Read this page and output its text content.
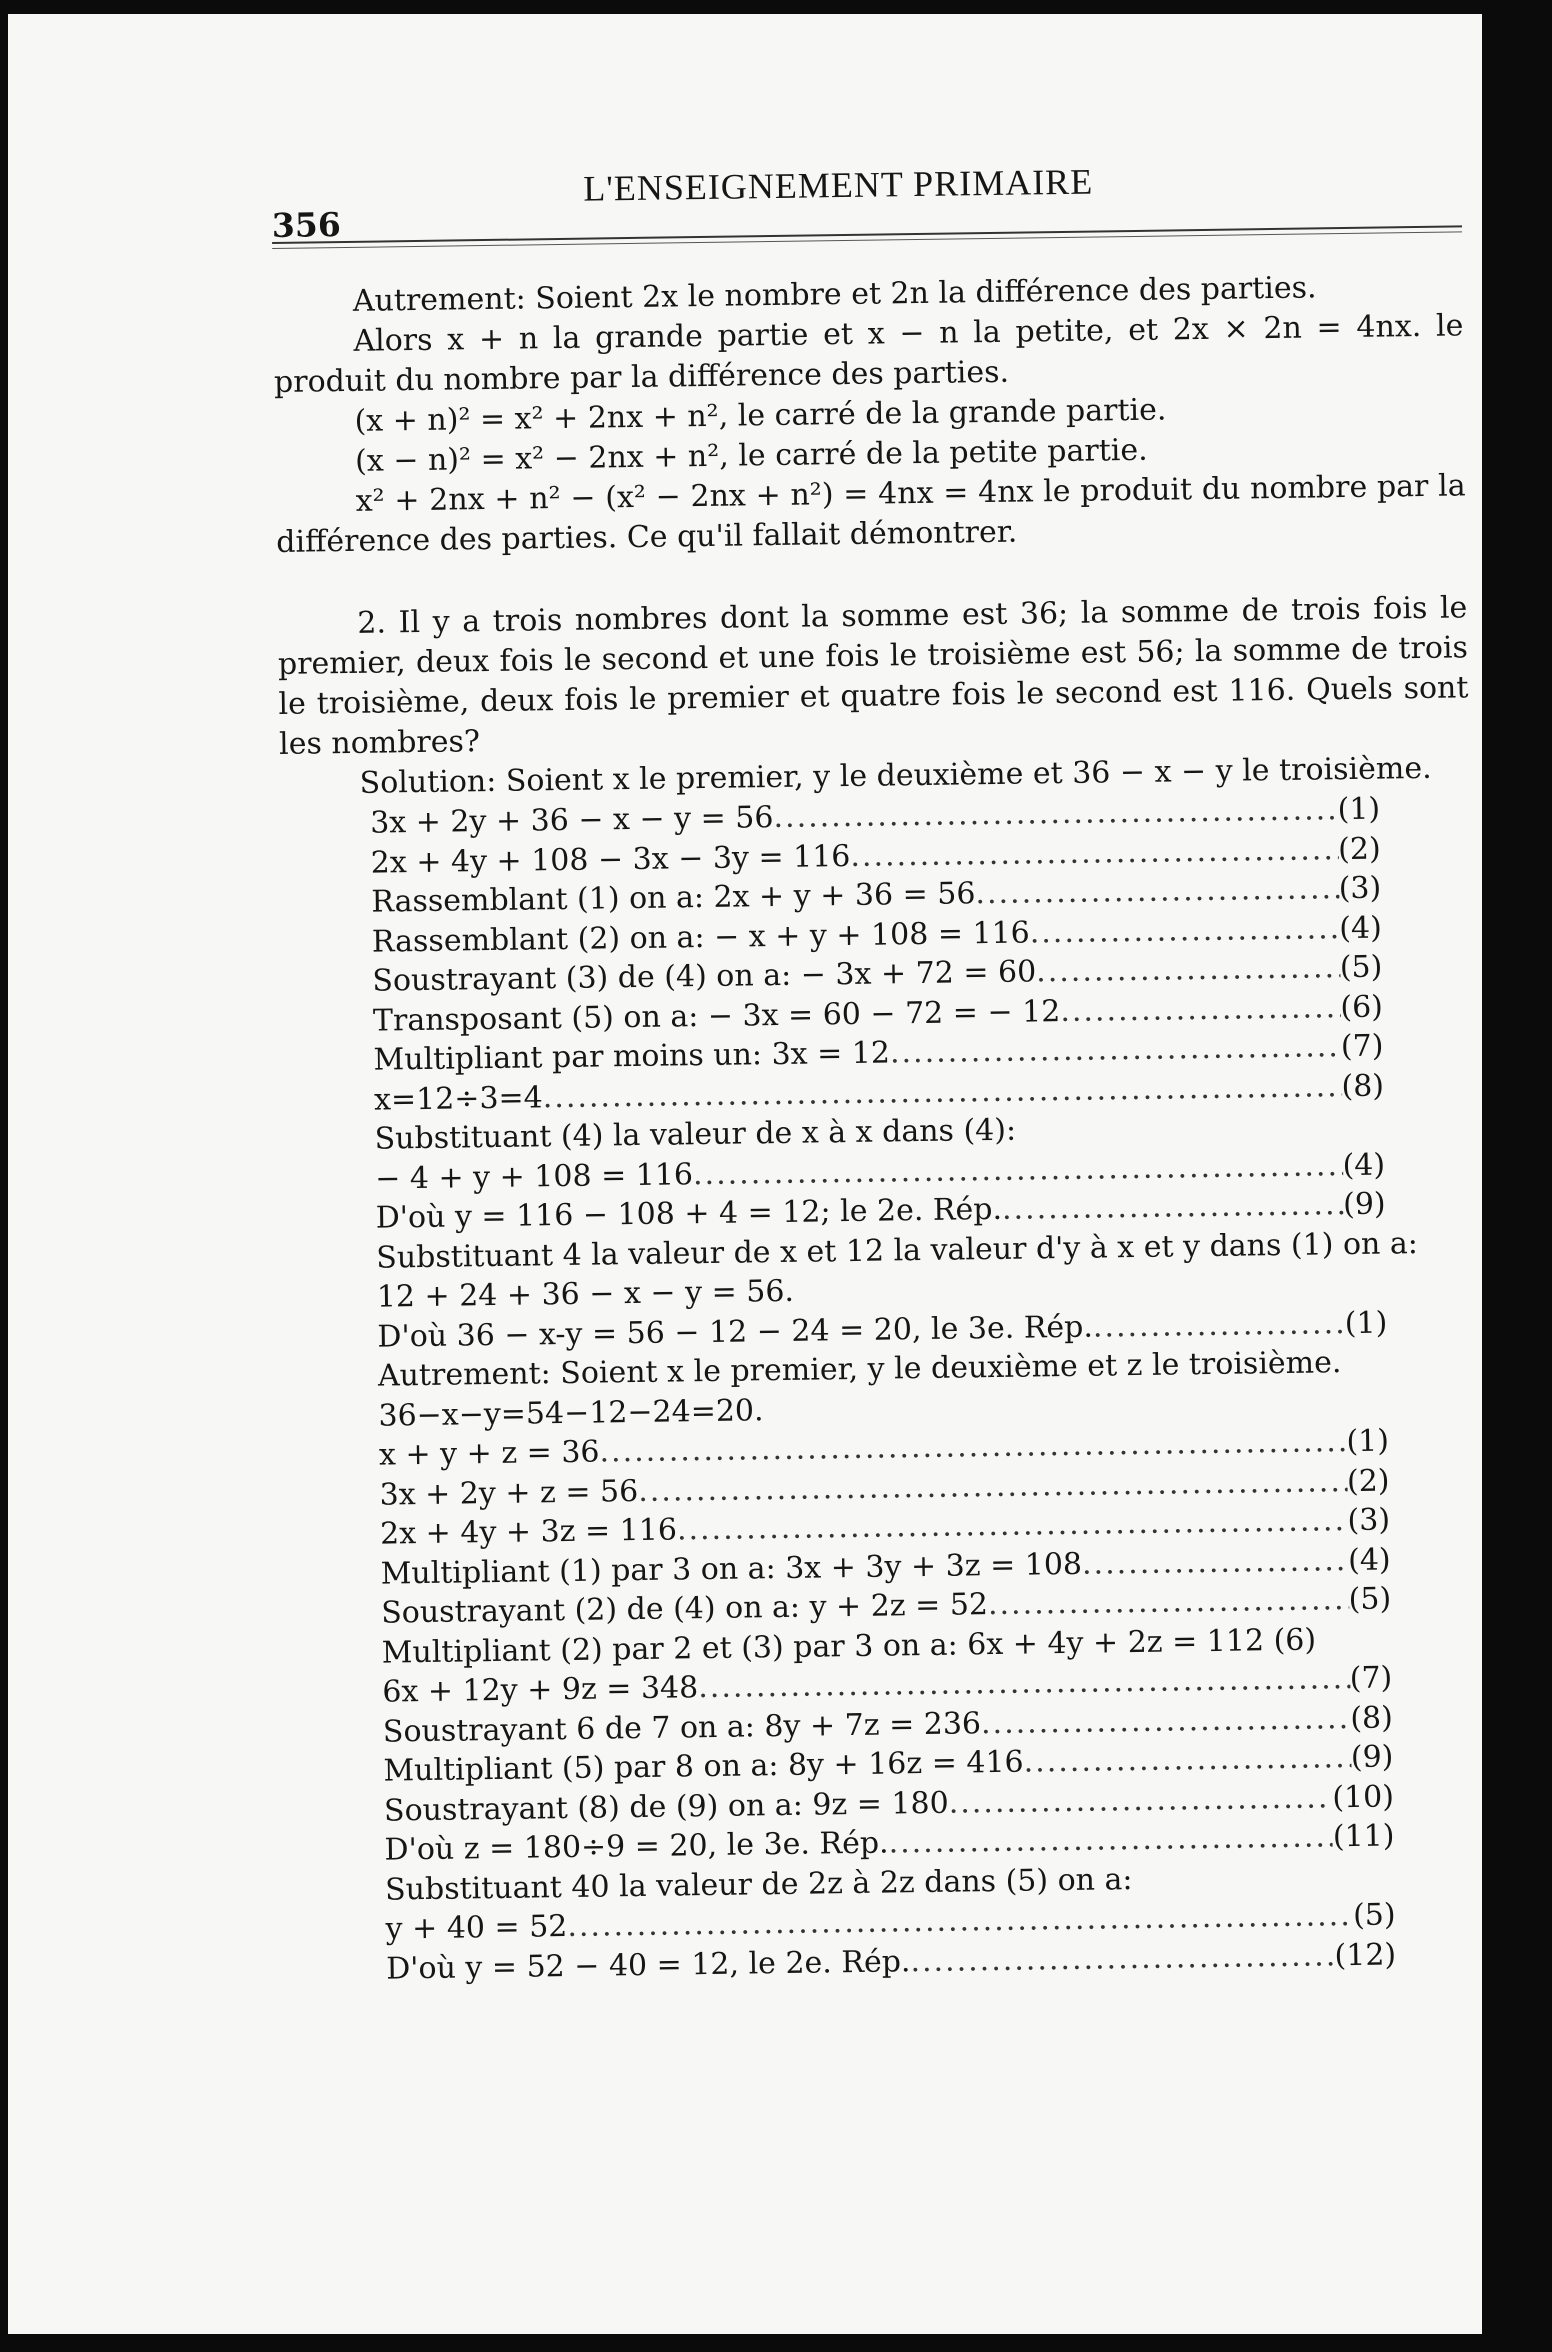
356
L'ENSEIGNEMENT PRIMAIRE

Autrement: Soient 2x le nombre et 2n la différence des parties.

Alors x + n la grande partie et x − n la petite, et 2x × 2n = 4nx. le produit du nombre par la différence des parties.

(x + n)² = x² + 2nx + n², le carré de la grande partie.

(x − n)² = x² − 2nx + n², le carré de la petite partie.

x² + 2nx + n² − (x² − 2nx + n²) = 4nx = 4nx le produit du nombre par la différence des parties. Ce qu'il fallait démontrer.

2. Il y a trois nombres dont la somme est 36; la somme de trois fois le premier, deux fois le second et une fois le troisième est 56; la somme de trois le troisième, deux fois le premier et quatre fois le second est 116. Quels sont les nombres?

Solution: Soient x le premier, y le deuxième et 36 − x − y le troisième.

3x + 2y + 36 − x − y = 56 .....	(1)
2x + 4y + 108 − 3x − 3y = 116 .....	(2)
Rassemblant (1) on a: 2x + y + 36 = 56 .....	(3)
Rassemblant (2) on a: − x + y + 108 = 116 .....	(4)
Soustrayant (3) de (4) on a: − 3x + 72 = 60 .....	(5)
Transposant (5) on a: − 3x = 60 − 72 = − 12 .....	(6)
Multipliant par moins un: 3x = 12 .....	(7)
x=12÷3=4 .....	(8)
Substituant (4) la valeur de x à x dans (4):
− 4 + y + 108 = 116 .....	(4)
D'où y = 116 − 108 + 4 = 12; le 2e. Rép. .....	(9)
Substituant 4 la valeur de x et 12 la valeur d'y à x et y dans (1) on a:
12 + 24 + 36 − x − y = 56.
D'où 36 − x-y = 56 − 12 − 24 = 20, le 3e. Rép. .....	(1)
Autrement: Soient x le premier, y le deuxième et z le troisième.
36−x−y=54−12−24=20.
x + y + z = 36 .....	(1)
3x + 2y + z = 56 .....	(2)
2x + 4y + 3z = 116 .....	(3)
Multipliant (1) par 3 on a: 3x + 3y + 3z = 108 .....	(4)
Soustrayant (2) de (4) on a: y + 2z = 52 .....	(5)
Multipliant (2) par 2 et (3) par 3 on a: 6x + 4y + 2z = 112 (6)
6x + 12y + 9z = 348 .....	(7)
Soustrayant 6 de 7 on a: 8y + 7z = 236 .....	(8)
Multipliant (5) par 8 on a: 8y + 16z = 416 .....	(9)
Soustrayant (8) de (9) on a: 9z = 180 .....	(10)
D'où z = 180÷9 = 20, le 3e. Rép. .....	(11)
Substituant 40 la valeur de 2z à 2z dans (5) on a:
y + 40 = 52 .....	(5)
D'où y = 52 − 40 = 12, le 2e. Rép. .....	(12)
